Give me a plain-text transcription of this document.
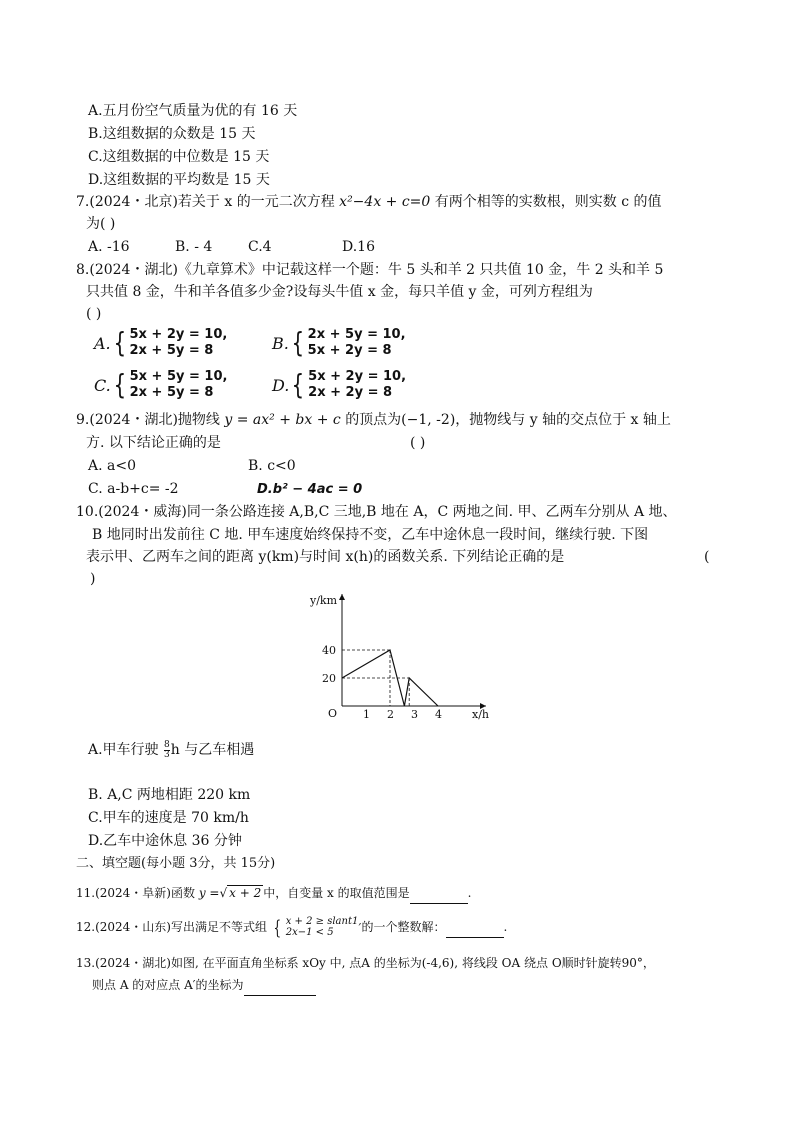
A.五月份空气质量为优的有 16 天
B.这组数据的众数是 15 天
C.这组数据的中位数是 15 天
D.这组数据的平均数是 15 天
7.(2024・北京)若关于 x 的一元二次方程 x²−4x + c=0 有两个相等的实数根，则实数 c 的值
为( )
A. -16	B. - 4	C.4	D.16
8.(2024・湖北)《九章算术》中记载这样一个题：牛 5 头和羊 2 只共值 10 金，牛 2 头和羊 5
只共值 8 金，牛和羊各值多少金?设每头牛值 x 金，每只羊值 y 金，可列方程组为
( )
A. { 5x + 2y = 10,
2x + 5y = 8	B. { 2x + 5y = 10,
5x + 2y = 8
C. { 5x + 5y = 10,
2x + 5y = 8	D. { 5x + 2y = 10,
2x + 2y = 8
9.(2024・湖北)抛物线 y = ax² + bx + c 的顶点为(−1, -2)，抛物线与 y 轴的交点位于 x 轴上
方. 以下结论正确的是	( )
A. a<0	B. c<0
C. a-b+c= -2	D.b² − 4ac = 0
10.(2024・威海)同一条公路连接 A,B,C 三地,B 地在 A，C 两地之间. 甲、乙两车分别从 A 地、
B 地同时出发前往 C 地. 甲车速度始终保持不变，乙车中途休息一段时间，继续行驶. 下图
表示甲、乙两车之间的距离 y(km)与时间 x(h)的函数关系. 下列结论正确的是	(
)
y/km
x/h
O 1 2 3 4
20
40
A.甲车行驶 $\frac{8}{3}$ h 与乙车相遇
B. A,C 两地相距 220 km
C.甲车的速度是 70 km/h
D.乙车中途休息 36 分钟
二、填空题(每小题 3分，共 15分)
11.(2024・阜新)函数 y =√ x + 2 中，自变量 x 的取值范围是	.
12.(2024・山东)写出满足不等式组 { x + 2 ≥ slant1,
2x−1 < 5	的一个整数解：
	.
13.(2024・湖北)如图, 在平面直角坐标系 xOy 中, 点A 的坐标为(-4,6), 将线段 OA 绕点 O顺时针旋转90°，
则点 A 的对应点 A′的坐标为
